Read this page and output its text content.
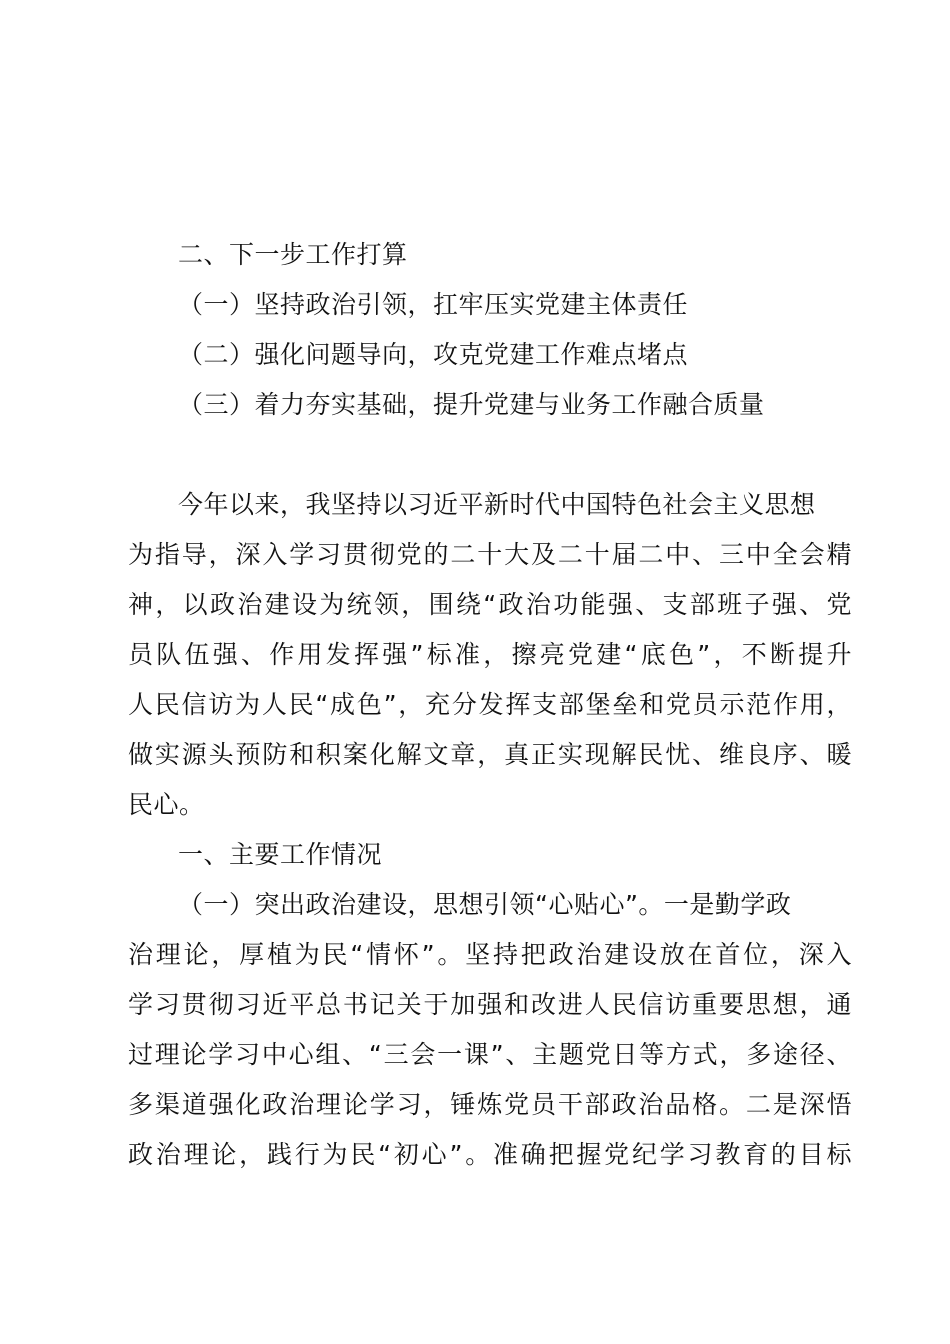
二、下一步工作打算
（一）坚持政治引领，扛牢压实党建主体责任
（二）强化问题导向，攻克党建工作难点堵点
（三）着力夯实基础，提升党建与业务工作融合质量
今年以来，我坚持以习近平新时代中国特色社会主义思想
为指导，深入学习贯彻党的二十大及二十届二中、三中全会精
神，以政治建设为统领，围绕“政治功能强、支部班子强、党
员队伍强、作用发挥强”标准，擦亮党建“底色”，不断提升
人民信访为人民“成色”，充分发挥支部堡垒和党员示范作用，
做实源头预防和积案化解文章，真正实现解民忧、维良序、暖
民心。
一、主要工作情况
（一）突出政治建设，思想引领“心贴心”。一是勤学政
治理论，厚植为民“情怀”。坚持把政治建设放在首位，深入
学习贯彻习近平总书记关于加强和改进人民信访重要思想，通
过理论学习中心组、“三会一课”、主题党日等方式，多途径、
多渠道强化政治理论学习，锤炼党员干部政治品格。二是深悟
政治理论，践行为民“初心”。准确把握党纪学习教育的目标
